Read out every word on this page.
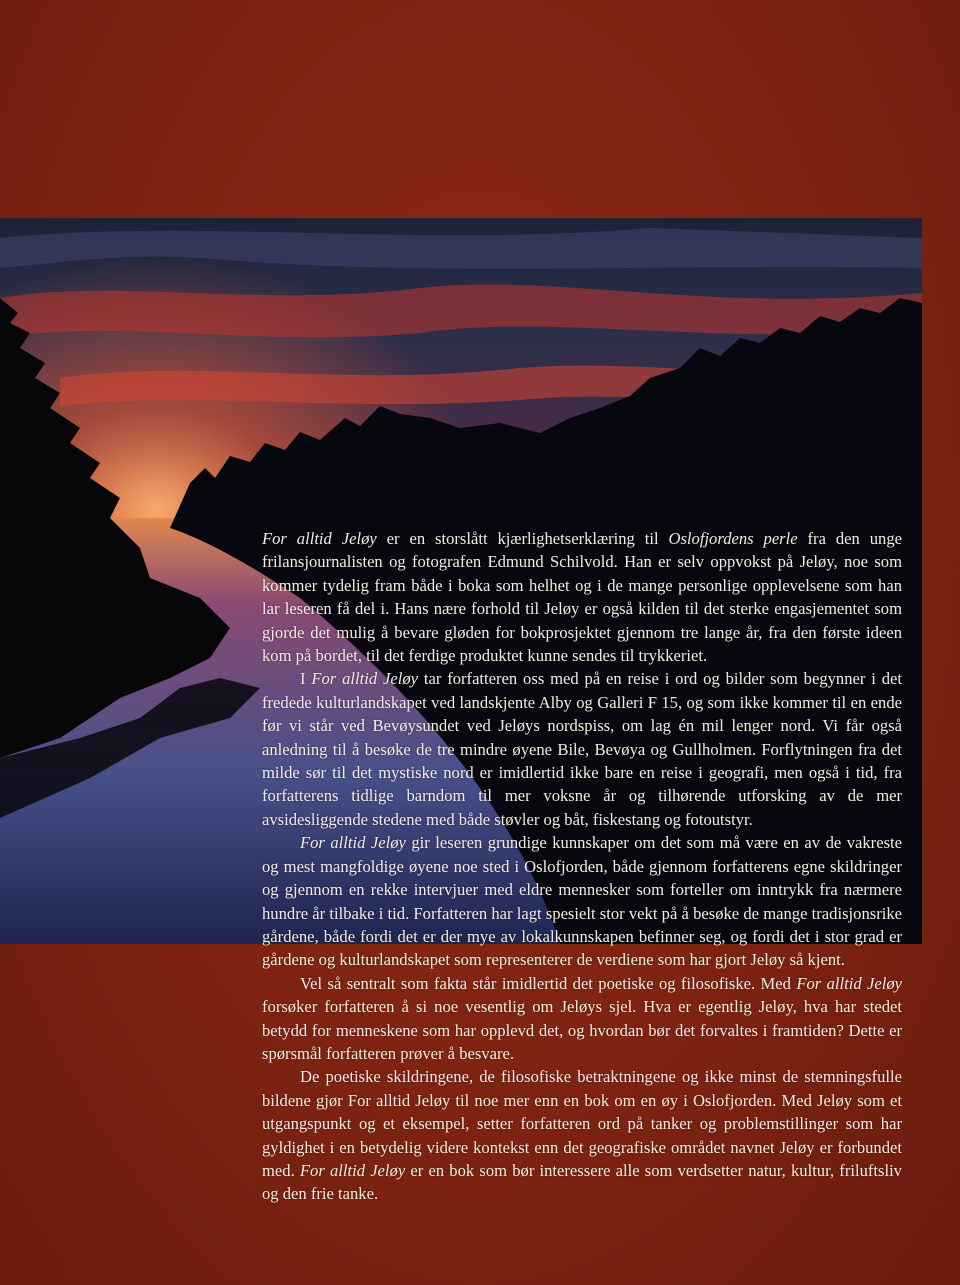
For alltid Jeløy er en storslått kjærlighetserklæring til Oslofjordens perle fra den unge frilansjournalisten og fotografen Edmund Schilvold. Han er selv oppvokst på Jeløy, noe som kommer tydelig fram både i boka som helhet og i de mange personlige opplevelsene som han lar leseren få del i. Hans nære forhold til Jeløy er også kilden til det sterke engasjementet som gjorde det mulig å bevare gløden for bokprosjektet gjennom tre lange år, fra den første ideen kom på bordet, til det ferdige produktet kunne sendes til trykkeriet.

I For alltid Jeløy tar forfatteren oss med på en reise i ord og bilder som begynner i det fredede kulturlandskapet ved landskjente Alby og Galleri F 15, og som ikke kommer til en ende før vi står ved Bevøysundet ved Jeløys nordspiss, om lag én mil lenger nord. Vi får også anledning til å besøke de tre mindre øyene Bile, Bevøya og Gullholmen. Forflytningen fra det milde sør til det mystiske nord er imidlertid ikke bare en reise i geografi, men også i tid, fra forfatterens tidlige barndom til mer voksne år og tilhørende utforsking av de mer avsidesliggende stedene med både støvler og båt, fiskestang og fotoutstyr.

For alltid Jeløy gir leseren grundige kunnskaper om det som må være en av de vakreste og mest mangfoldige øyene noe sted i Oslofjorden, både gjennom forfatterens egne skildringer og gjennom en rekke intervjuer med eldre mennesker som forteller om inntrykk fra nærmere hundre år tilbake i tid. Forfatteren har lagt spesielt stor vekt på å besøke de mange tradisjonsrike gårdene, både fordi det er der mye av lokalkunnskapen befinner seg, og fordi det i stor grad er gårdene og kulturlandskapet som representerer de verdiene som har gjort Jeløy så kjent.

Vel så sentralt som fakta står imidlertid det poetiske og filosofiske. Med For alltid Jeløy forsøker forfatteren å si noe vesentlig om Jeløys sjel. Hva er egentlig Jeløy, hva har stedet betydd for menneskene som har opplevd det, og hvordan bør det forvaltes i framtiden? Dette er spørsmål forfatteren prøver å besvare.

De poetiske skildringene, de filosofiske betraktningene og ikke minst de stemningsfulle bildene gjør For alltid Jeløy til noe mer enn en bok om en øy i Oslofjorden. Med Jeløy som et utgangspunkt og et eksempel, setter forfatteren ord på tanker og problemstillinger som har gyldighet i en betydelig videre kontekst enn det geografiske området navnet Jeløy er forbundet med. For alltid Jeløy er en bok som bør interessere alle som verdsetter natur, kultur, friluftsliv og den frie tanke.
